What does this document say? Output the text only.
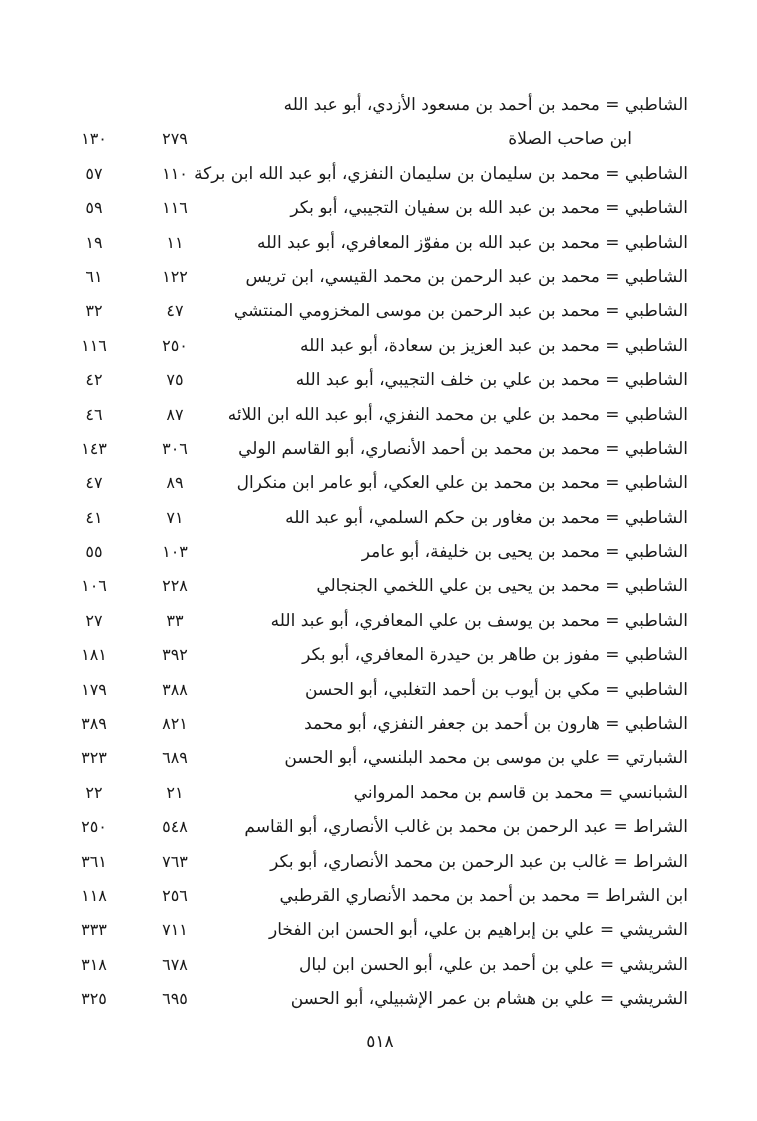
الشاطبي = محمد بن أحمد بن مسعود الأزدي، أبو عبد الله
ابن صاحب الصلاة
٢٧٩
١٣٠
الشاطبي = محمد بن سليمان بن سليمان النفزي، أبو عبد الله ابن بركة
١١٠
٥٧
الشاطبي = محمد بن عبد الله بن سفيان التجيبي، أبو بكر
١١٦
٥٩
الشاطبي = محمد بن عبد الله بن مفوّز المعافري، أبو عبد الله
١١
١٩
الشاطبي = محمد بن عبد الرحمن بن محمد القيسي، ابن تريس
١٢٢
٦١
الشاطبي = محمد بن عبد الرحمن بن موسى المخزومي المنتشي
٤٧
٣٢
الشاطبي = محمد بن عبد العزيز بن سعادة، أبو عبد الله
٢٥٠
١١٦
الشاطبي = محمد بن علي بن خلف التجيبي، أبو عبد الله
٧٥
٤٢
الشاطبي = محمد بن علي بن محمد النفزي، أبو عبد الله ابن اللائه
٨٧
٤٦
الشاطبي = محمد بن محمد بن أحمد الأنصاري، أبو القاسم الولي
٣٠٦
١٤٣
الشاطبي = محمد بن محمد بن علي العكي، أبو عامر ابن منكرال
٨٩
٤٧
الشاطبي = محمد بن مغاور بن حكم السلمي، أبو عبد الله
٧١
٤١
الشاطبي = محمد بن يحيى بن خليفة، أبو عامر
١٠٣
٥٥
الشاطبي = محمد بن يحيى بن علي اللخمي الجنجالي
٢٢٨
١٠٦
الشاطبي = محمد بن يوسف بن علي المعافري، أبو عبد الله
٣٣
٢٧
الشاطبي = مفوز بن طاهر بن حيدرة المعافري، أبو بكر
٣٩٢
١٨١
الشاطبي = مكي بن أيوب بن أحمد التغلبي، أبو الحسن
٣٨٨
١٧٩
الشاطبي = هارون بن أحمد بن جعفر النفزي، أبو محمد
٨٢١
٣٨٩
الشبارتي = علي بن موسى بن محمد البلنسي، أبو الحسن
٦٨٩
٣٢٣
الشبانسي = محمد بن قاسم بن محمد المرواني
٢١
٢٢
الشراط = عبد الرحمن بن محمد بن غالب الأنصاري، أبو القاسم
٥٤٨
٢٥٠
الشراط = غالب بن عبد الرحمن بن محمد الأنصاري، أبو بكر
٧٦٣
٣٦١
ابن الشراط = محمد بن أحمد بن محمد الأنصاري القرطبي
٢٥٦
١١٨
الشريشي = علي بن إبراهيم بن علي، أبو الحسن ابن الفخار
٧١١
٣٣٣
الشريشي = علي بن أحمد بن علي، أبو الحسن ابن لبال
٦٧٨
٣١٨
الشريشي = علي بن هشام بن عمر الإشبيلي، أبو الحسن
٦٩٥
٣٢٥
٥١٨
